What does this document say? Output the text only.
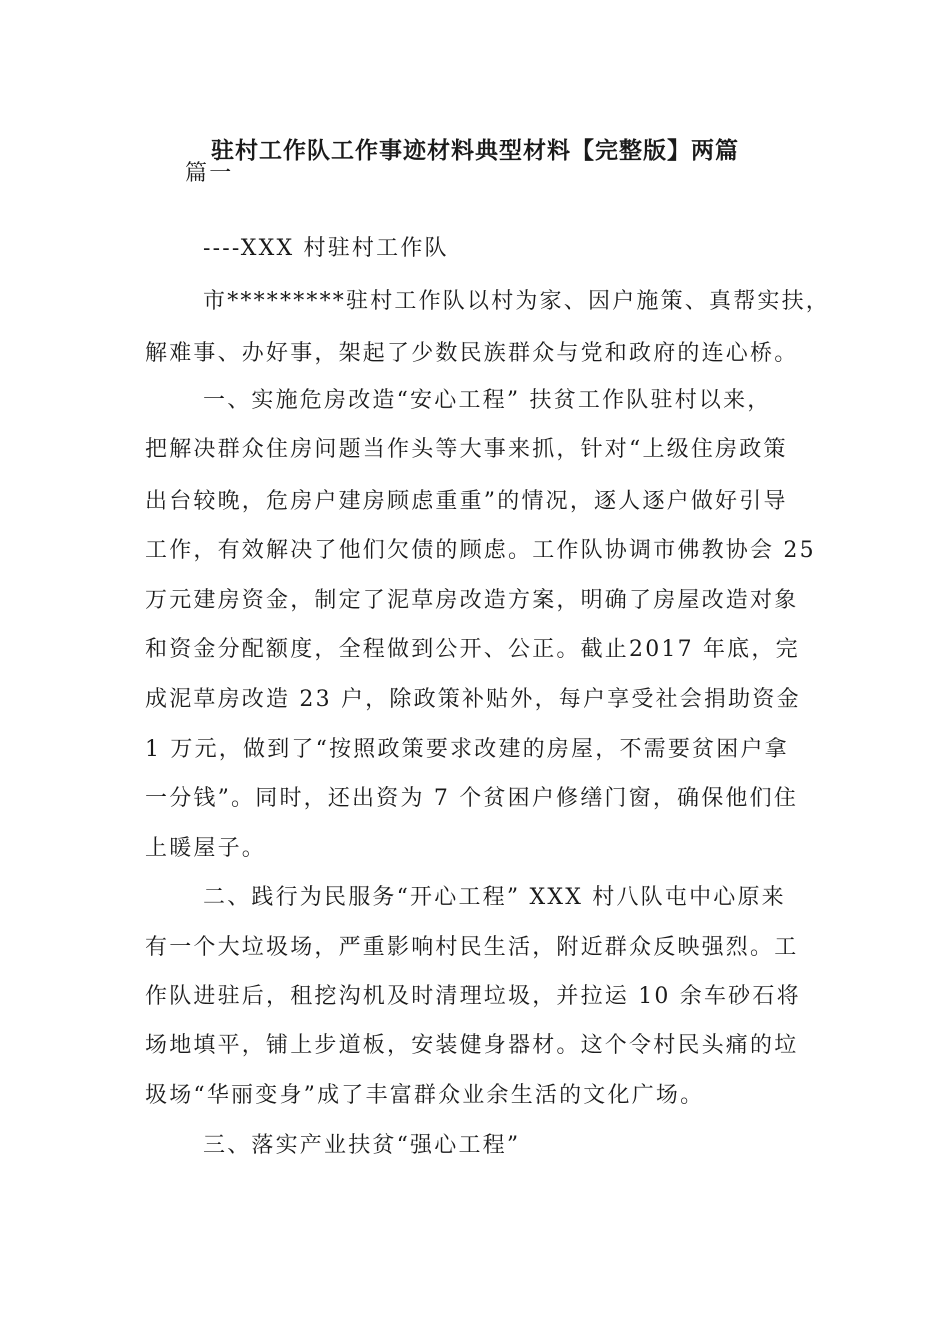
驻村工作队工作事迹材料典型材料【完整版】两篇
篇一
----XXX 村驻村工作队
市*********驻村工作队以村为家、因户施策、真帮实扶，
解难事、办好事，架起了少数民族群众与党和政府的连心桥。
一、实施危房改造“安心工程” 扶贫工作队驻村以来，
把解决群众住房问题当作头等大事来抓，针对“上级住房政策
出台较晚，危房户建房顾虑重重”的情况，逐人逐户做好引导
工作，有效解决了他们欠债的顾虑。工作队协调市佛教协会 25
万元建房资金，制定了泥草房改造方案，明确了房屋改造对象
和资金分配额度，全程做到公开、公正。截止2017 年底，完
成泥草房改造 23 户，除政策补贴外，每户享受社会捐助资金
1 万元，做到了“按照政策要求改建的房屋，不需要贫困户拿
一分钱”。同时，还出资为 7 个贫困户修缮门窗，确保他们住
上暖屋子。
二、践行为民服务“开心工程” XXX 村八队屯中心原来
有一个大垃圾场，严重影响村民生活，附近群众反映强烈。工
作队进驻后，租挖沟机及时清理垃圾，并拉运 10 余车砂石将
场地填平，铺上步道板，安装健身器材。这个令村民头痛的垃
圾场“华丽变身”成了丰富群众业余生活的文化广场。
三、落实产业扶贫“强心工程”
